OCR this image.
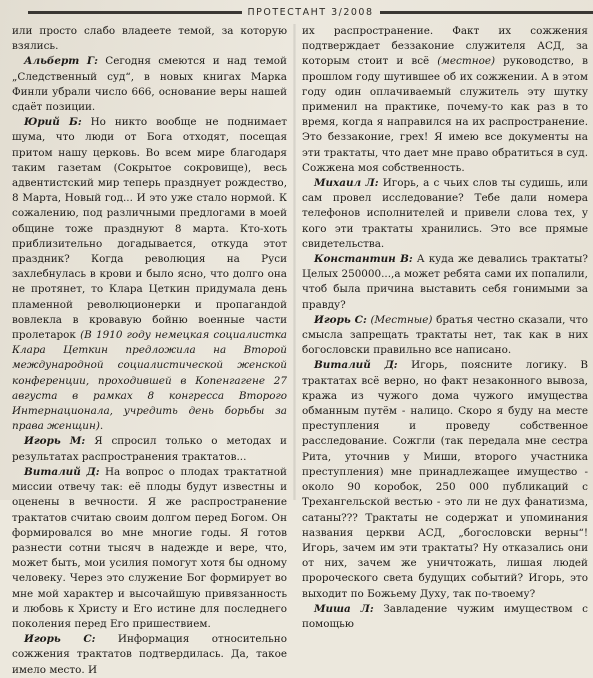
ПРОТЕСТАНТ 3/2008

или просто слабо владеете темой, за которую взялись.

Альберт Г: Сегодня смеются и над темой „Следственный суд“, в новых книгах Марка Финли убрали число 666, основание веры нашей сдаёт позиции.

Юрий Б: Но никто вообще не поднимает шума, что люди от Бога отходят, посещая притом нашу церковь. Во всем мире благодаря таким газетам (Сокрытое сокровище), весь адвентистский мир теперь празднует рождество, 8 Марта, Новый год... И это уже стало нормой. К сожалению, под различными предлогами в моей общине тоже празднуют 8 марта. Кто-хоть приблизительно догадывается, откуда этот праздник? Когда революция на Руси захлебнулась в крови и было ясно, что долго она не протянет, то Клара Цеткин придумала день пламенной революционерки и пропагандой вовлекла в кровавую бойню военные части пролетарок (В 1910 году немецкая социалистка Клара Цеткин предложила на Второй международной социалистической женской конференции, проходившей в Копенгагене 27 августа в рамках 8 конгресса Второго Интернационала, учредить день борьбы за права женщин).

Игорь М: Я спросил только о методах и результатах распространения трактатов...

Виталий Д: На вопрос о плодах трактатной миссии отвечу так: её плоды будут известны и оценены в вечности. Я же распространение трактатов считаю своим долгом перед Богом. Он формировался во мне многие годы. Я готов разнести сотни тысяч в надежде и вере, что, может быть, мои усилия помогут хотя бы одному человеку. Через это служение Бог формирует во мне мой характер и высочайшую привязанность и любовь к Христу и Его истине для последнего поколения перед Его пришествием.

Игорь С: Информация относительно сожжения трактатов подтвердилась. Да, такое имело место. И

их распространение. Факт их сожжения подтверждает беззаконие служителя АСД, за которым стоит и всё (местное) руководство, в прошлом году шутившее об их сожжении. А в этом году один оплачиваемый служитель эту шутку применил на практике, почему-то как раз в то время, когда я направился на их распространение. Это беззаконие, грех! Я имею все документы на эти трактаты, что дает мне право обратиться в суд. Сожжена моя собственность.

Михаил Л: Игорь, а с чьих слов ты судишь, или сам провел исследование? Тебе дали номера телефонов исполнителей и привели слова тех, у кого эти трактаты хранились. Это все прямые свидетельства.

Константин В: А куда же девались трактаты? Целых 250000...,а может ребята сами их попалили, чтоб была причина выставить себя гонимыми за правду?

Игорь С: (Местные) братья честно сказали, что смысла запрещать трактаты нет, так как в них богословски правильно все написано.

Виталий Д: Игорь, поясните логику. В трактатах всё верно, но факт незаконного вывоза, кража из чужого дома чужого имущества обманным путём - налицо. Скоро я буду на месте преступления и проведу собственное расследование. Сожгли (так передала мне сестра Рита, уточнив у Миши, второго участника преступления) мне принадлежащее имущество - около 90 коробок, 250 000 публикаций с Трехангельской вестью - это ли не дух фанатизма, сатаны??? Трактаты не содержат и упоминания названия церкви АСД, „богословски верны“! Игорь, зачем им эти трактаты? Ну отказались они от них, зачем же уничтожать, лишая людей пророческого света будущих событий? Игорь, это выходит по Божьему Духу, так по-твоему?

Миша Л: Завладение чужим имуществом с помощью
